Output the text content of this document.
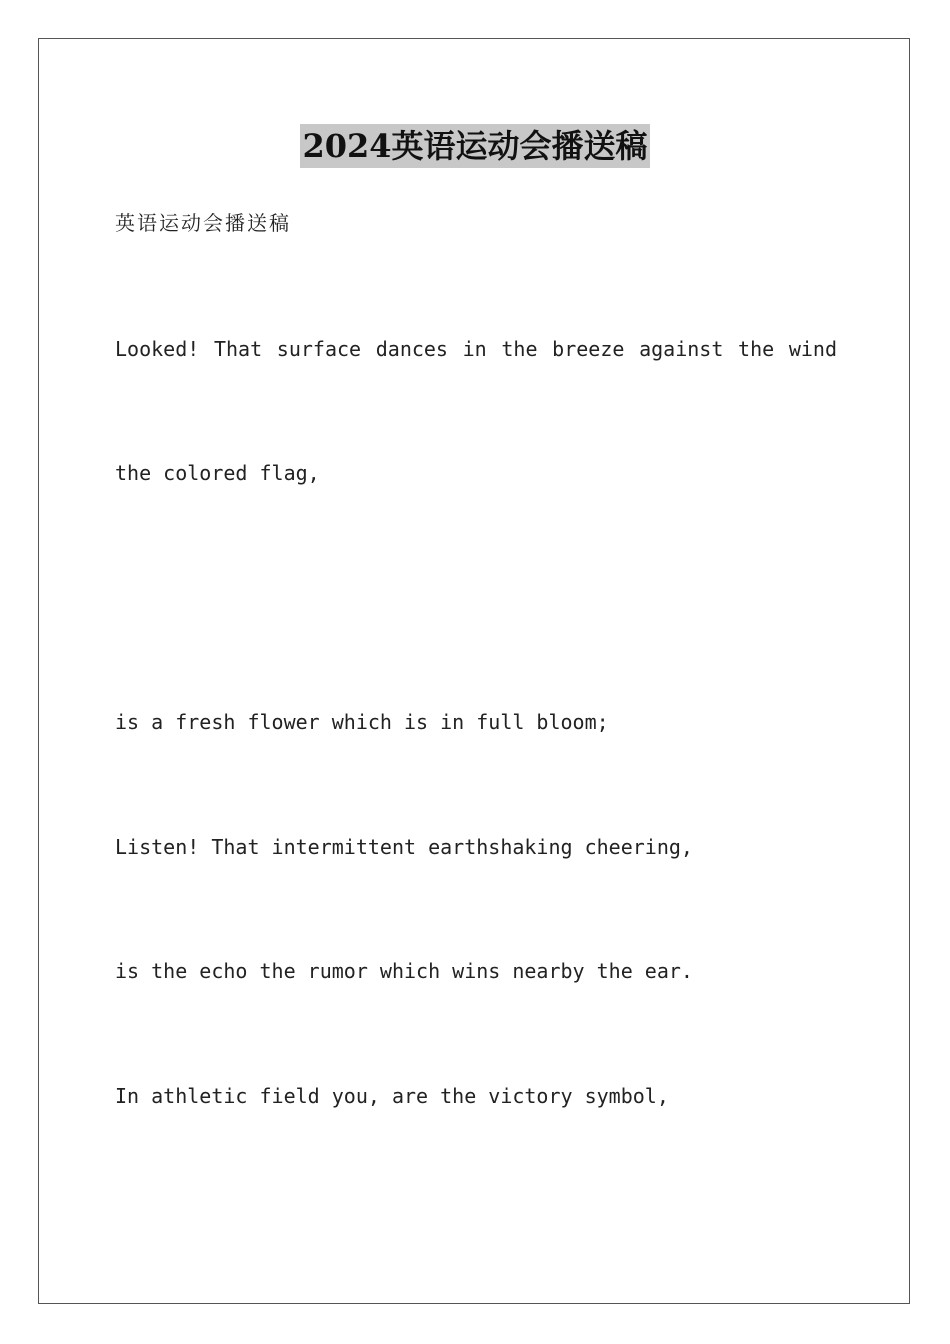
2024英语运动会播送稿
英语运动会播送稿
Looked! That surface dances in the breeze against the wind
the colored flag,
is a fresh flower which is in full bloom;
Listen! That intermittent earthshaking cheering,
is the echo the rumor which wins nearby the ear.
In athletic field you, are the victory symbol,
